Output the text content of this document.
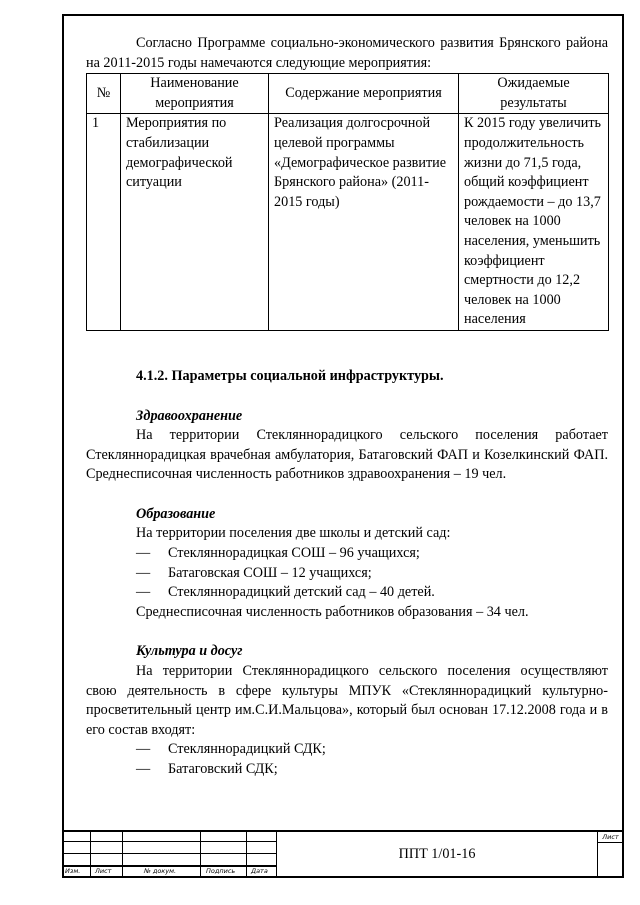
Согласно Программе социально-экономического развития Брянского района на 2011-2015 годы намечаются следующие мероприятия:

№	Наименование мероприятия	Содержание мероприятия	Ожидаемые результаты
1	Мероприятия по стабилизации демографической ситуации	Реализация долгосрочной целевой программы «Демографическое развитие Брянского района» (2011-2015 годы)	К 2015 году увеличить продолжительность жизни до 71,5 года, общий коэффициент рождаемости – до 13,7 человек на 1000 населения, уменьшить коэффициент смертности до 12,2 человек на 1000 населения

4.1.2. Параметры социальной инфраструктуры.

Здравоохранение

На территории Стекляннорадицкого сельского поселения работает Стекляннорадицкая врачебная амбулатория, Батаговский ФАП и Козелкинский ФАП. Среднесписочная численность работников здравоохранения – 19 чел.

Образование

На территории поселения две школы и детский сад:

— Стекляннорадицкая СОШ – 96 учащихся;

— Батаговская СОШ – 12 учащихся;

— Стекляннорадицкий детский сад – 40 детей.

Среднесписочная численность работников образования – 34 чел.

Культура и досуг

На территории Стекляннорадицкого сельского поселения осуществляют свою деятельность в сфере культуры МПУК «Стекляннорадицкий культурно-просветительный центр им.С.И.Мальцова», который был основан 17.12.2008 года и в его состав входят:

— Стекляннорадицкий СДК;

— Батаговский СДК;

Изм. Лист	№ докум.	Подпись Дата
Лист
ППТ 1/01-16
